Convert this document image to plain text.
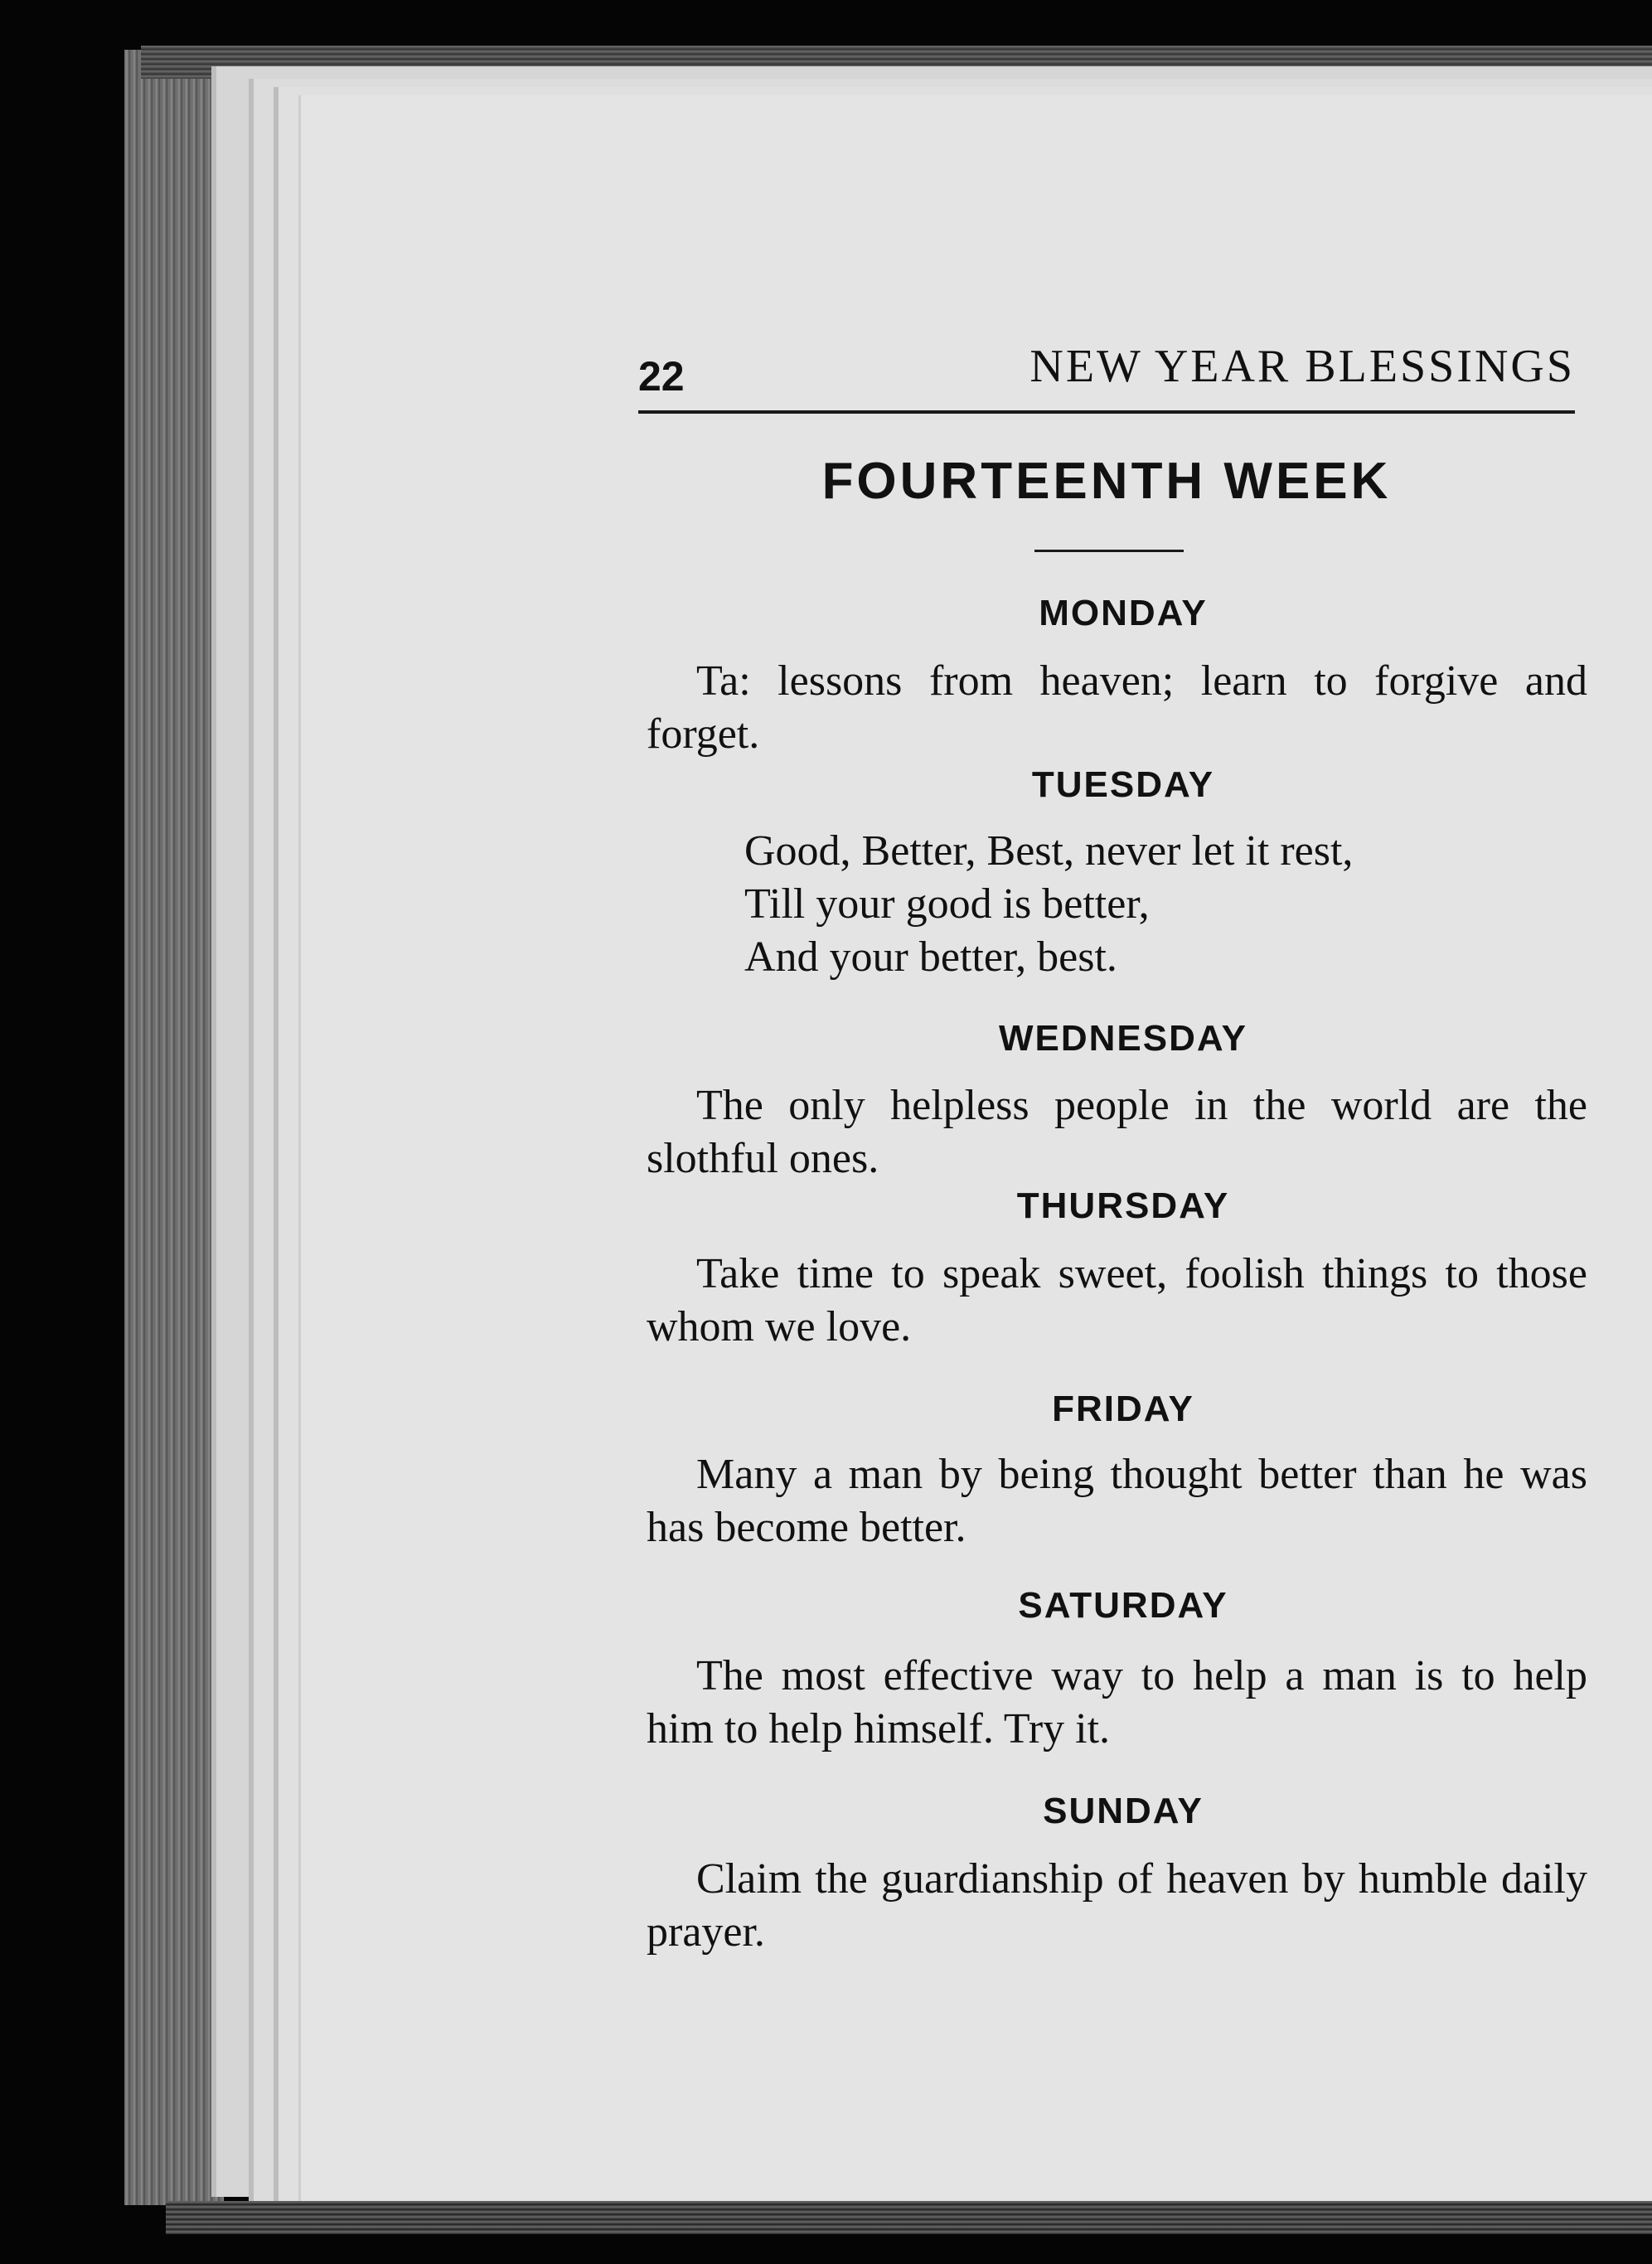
22	NEW YEAR BLESSINGS
FOURTEENTH WEEK
MONDAY

Ta: lessons from heaven; learn to forgive and forget.

TUESDAY
Good, Better, Best, never let it rest,
Till your good is better,
And your better, best.
WEDNESDAY

The only helpless people in the world are the slothful ones.

THURSDAY

Take time to speak sweet, foolish things to those whom we love.

FRIDAY

Many a man by being thought better than he was has become better.

SATURDAY

The most effective way to help a man is to help him to help himself. Try it.

SUNDAY

Claim the guardianship of heaven by humble daily prayer.
